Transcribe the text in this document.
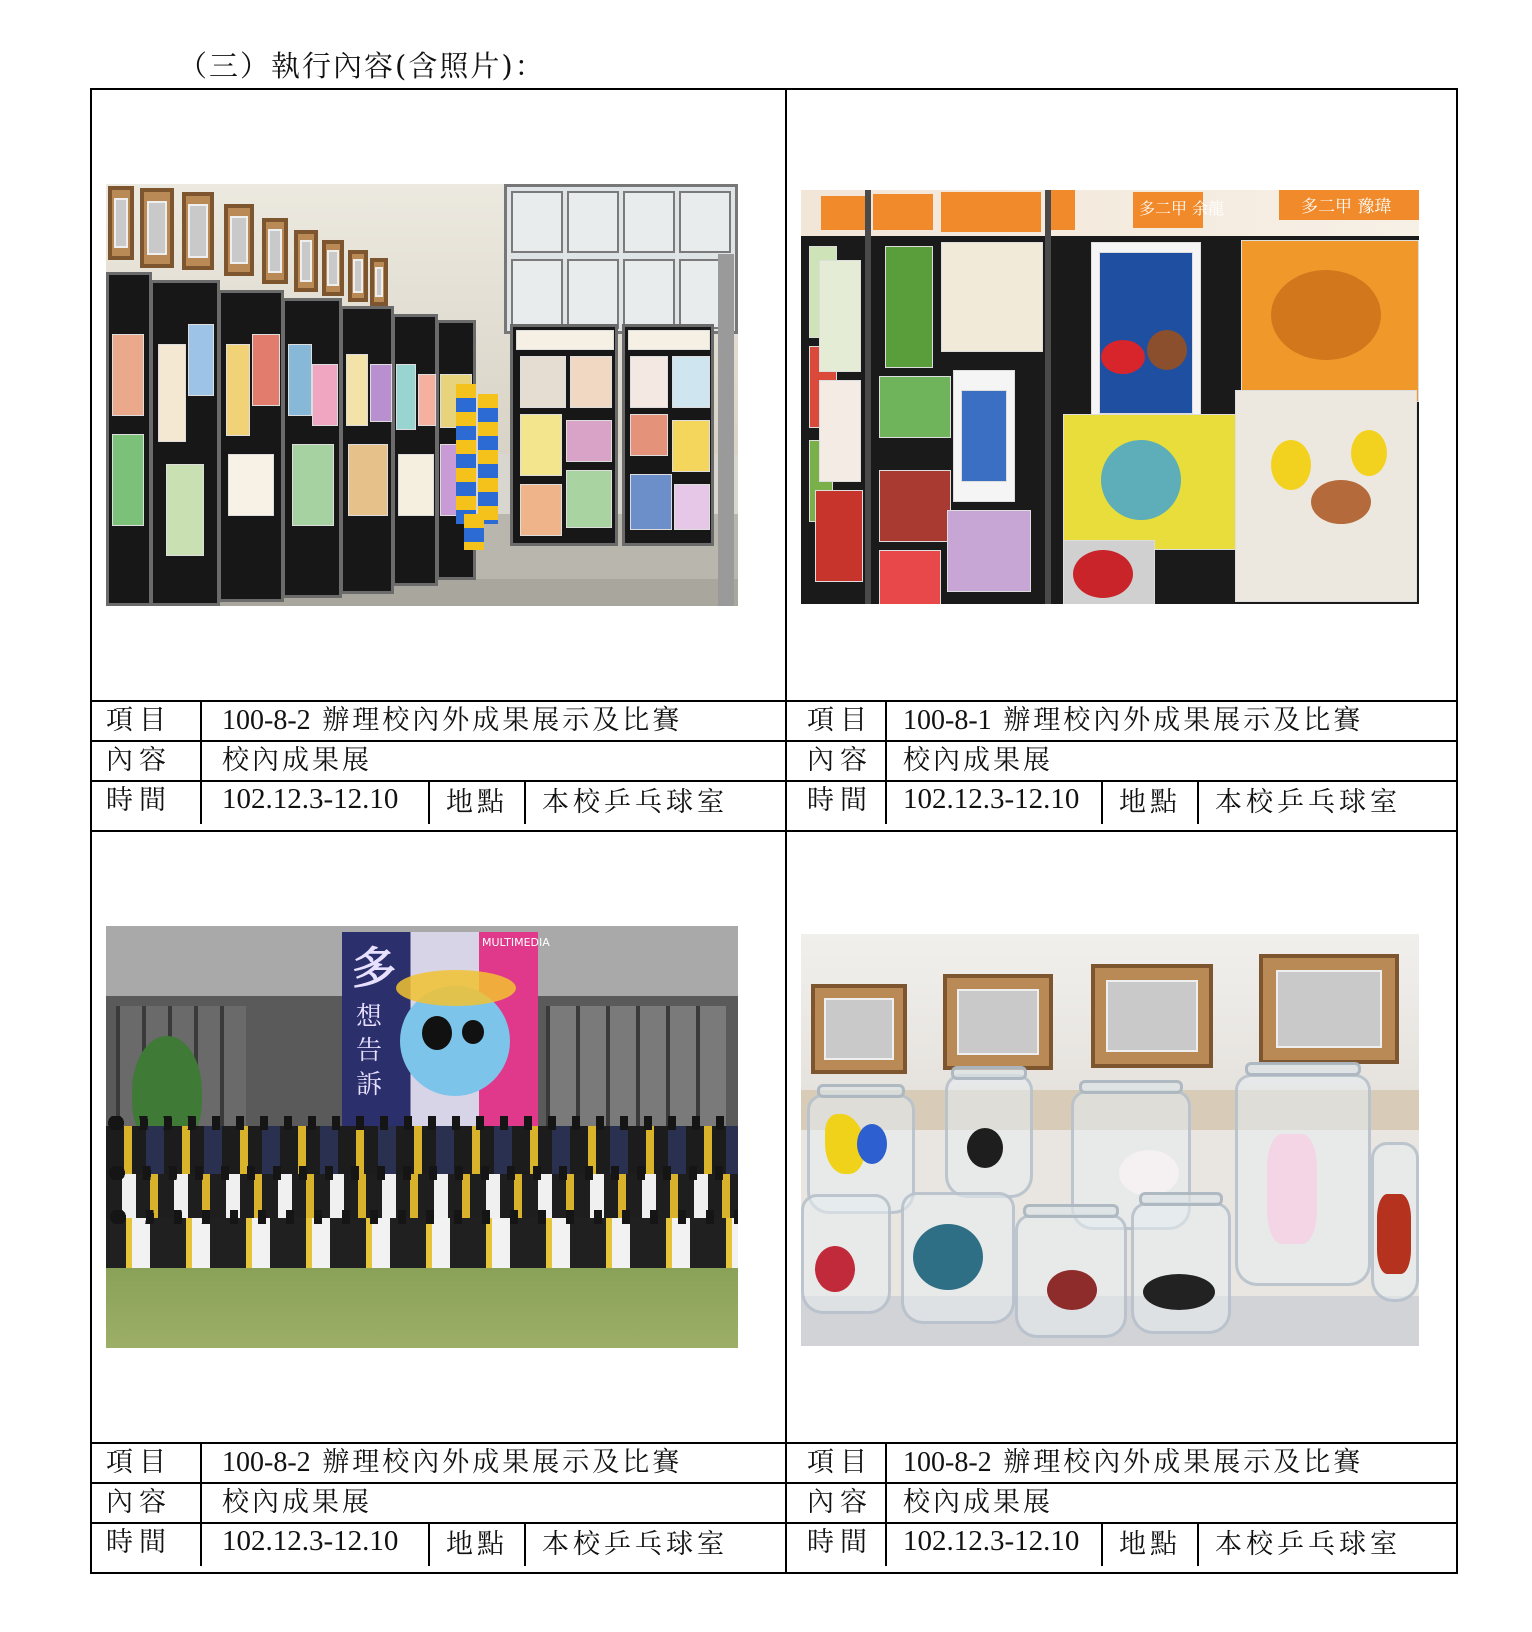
（三）執行內容(含照片)：
項目	100-8-2 辦理校內外成果展示及比賽
內容	校內成果展
時間	102.12.3-12.10	地點 本校乒乓球室
多二甲 余龍	多二甲 豫瑋
項目	100-8-1 辦理校內外成果展示及比賽
內容	校內成果展
時間	102.12.3-12.10	地點 本校乒乓球室
多
想
告
訴
MULTIMEDIA
項目	100-8-2 辦理校內外成果展示及比賽
內容	校內成果展
時間	102.12.3-12.10	地點 本校乒乓球室
項目	100-8-2 辦理校內外成果展示及比賽
內容	校內成果展
時間	102.12.3-12.10	地點 本校乒乓球室
